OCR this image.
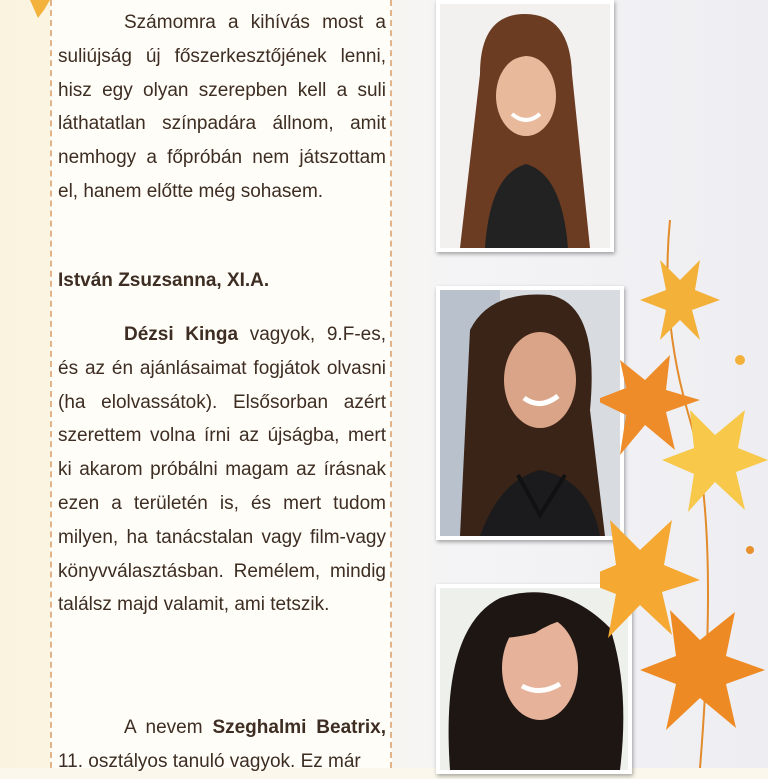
Számomra a kihívás most a suliújság új főszerkesztőjének lenni, hisz egy olyan szerepben kell a suli láthatatlan színpadára állnom, amit nemhogy a főpróbán nem játszottam el, hanem előtte még sohasem.

István Zsuzsanna, XI.A.

Dézsi Kinga vagyok, 9.F-es, és az én ajánlásaimat fogjátok olvasni (ha elolvassátok). Elsősorban azért szerettem volna írni az újságba, mert ki akarom próbálni magam az írásnak ezen a területén is, és mert tudom milyen, ha tanácstalan vagy film-vagy könyvválasztásban. Remélem, mindig találsz majd valamit, ami tetszik.

A nevem Szeghalmi Beatrix, 11. osztályos tanuló vagyok. Ez már
